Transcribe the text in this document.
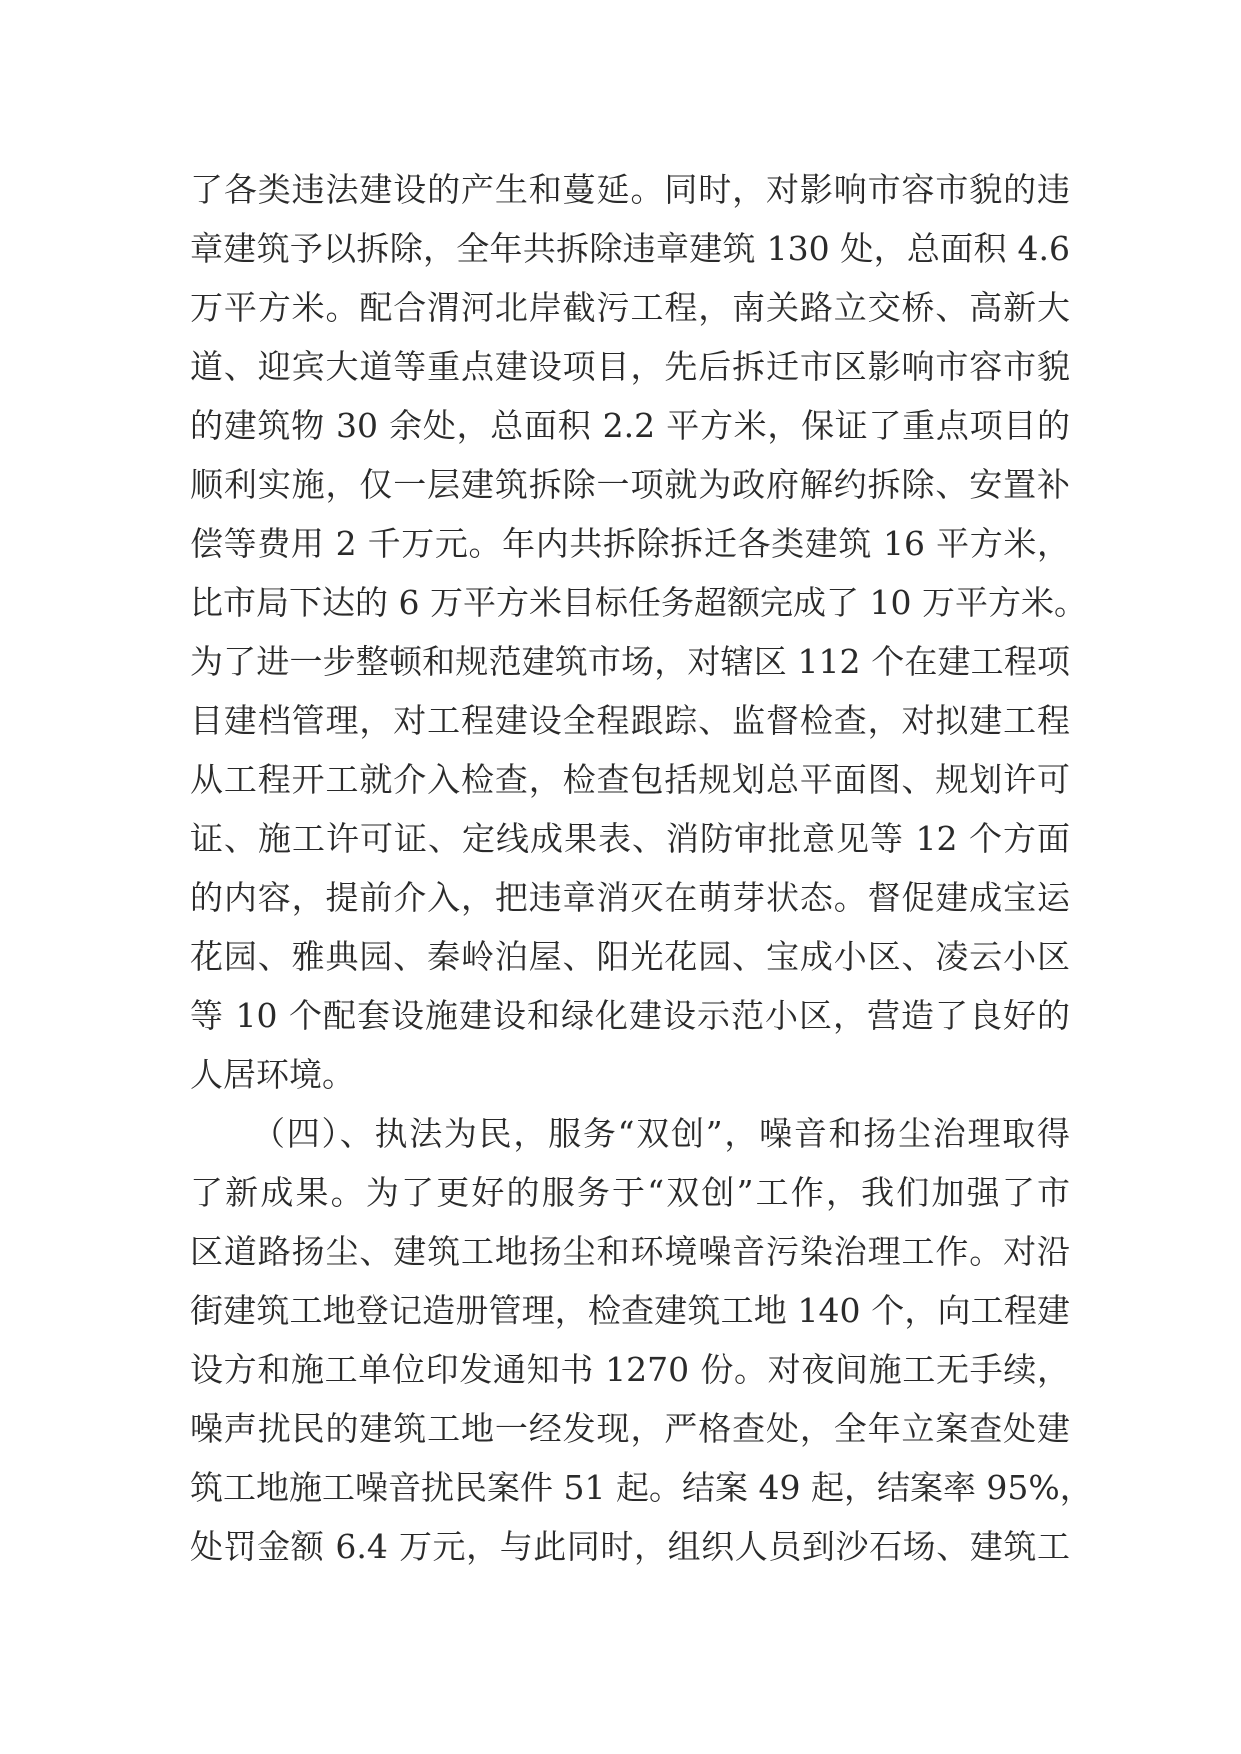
了各类违法建设的产生和蔓延。同时，对影响市容市貌的违
章建筑予以拆除，全年共拆除违章建筑 130 处，总面积 4.6
万平方米。配合渭河北岸截污工程，南关路立交桥、高新大
道、迎宾大道等重点建设项目，先后拆迁市区影响市容市貌
的建筑物 30 余处，总面积 2.2 平方米，保证了重点项目的
顺利实施，仅一层建筑拆除一项就为政府解约拆除、安置补
偿等费用 2 千万元。年内共拆除拆迁各类建筑 16 平方米，
比市局下达的 6 万平方米目标任务超额完成了 10 万平方米。
为了进一步整顿和规范建筑市场，对辖区 112 个在建工程项
目建档管理，对工程建设全程跟踪、监督检查，对拟建工程
从工程开工就介入检查，检查包括规划总平面图、规划许可
证、施工许可证、定线成果表、消防审批意见等 12 个方面
的内容，提前介入，把违章消灭在萌芽状态。督促建成宝运
花园、雅典园、秦岭泊屋、阳光花园、宝成小区、凌云小区
等 10 个配套设施建设和绿化建设示范小区，营造了良好的
人居环境。
（四）、执法为民，服务“双创”，噪音和扬尘治理取得
了新成果。为了更好的服务于“双创”工作，我们加强了市
区道路扬尘、建筑工地扬尘和环境噪音污染治理工作。对沿
街建筑工地登记造册管理，检查建筑工地 140 个，向工程建
设方和施工单位印发通知书 1270 份。对夜间施工无手续，
噪声扰民的建筑工地一经发现，严格查处，全年立案查处建
筑工地施工噪音扰民案件 51 起。结案 49 起，结案率 95%，
处罚金额 6.4 万元，与此同时，组织人员到沙石场、建筑工
